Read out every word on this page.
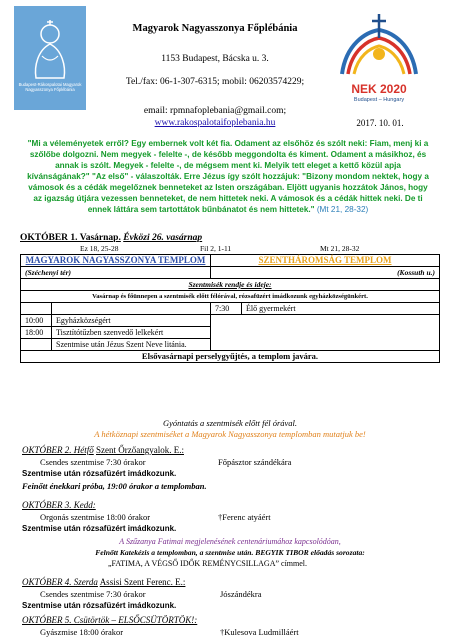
Budapest-Rákospalotai Magyarok Nagyasszonya Főplébánia	NEK 2020
Budapest – Hungary
Magyarok Nagyasszonya Főplébánia
1153 Budapest, Bácska u. 3.
Tel./fax: 06-1-307-6315; mobil: 06203574229;
email: rpmnafoplebania@gmail.com;
www.rakospalotaifoplebania.hu	2017. 10. 01.
"Mi a véleményetek erről? Egy embernek volt két fia. Odament az elsőhöz és szólt neki: Fiam, menj ki a szőlőbe dolgozni. Nem megyek - felelte -, de később meggondolta és kiment. Odament a másikhoz, és annak is szólt. Megyek - felelte -, de mégsem ment ki. Melyik tett eleget a kettő közül apja kívánságának?" "Az első" - válaszolták. Erre Jézus így szólt hozzájuk: "Bizony mondom nektek, hogy a vámosok és a cédák megelőznek benneteket az Isten országában. Eljött ugyanis hozzátok János, hogy az igazság útjára vezessen benneteket, de nem hittetek neki. A vámosok és a cédák hittek neki. De ti ennek láttára sem tartottátok bűnbánatot és nem hittetek." (Mt 21, 28-32)
OKTÓBER 1. Vasárnap. Évközi 26. vasárnap
Ez 18, 25-28	Fil 2, 1-11	Mt 21, 28-32
MAGYAROK NAGYASSZONYA TEMPLOM		SZENTHÁROMSÁG TEMPLOM	
(Széchenyi tér)		(Kossuth u.)	
Szentmisék rendje és ideje:			
Vasárnap és főünnepen a szentmisék előtt félórával, rózsafüzért imádkozunk egyházközségünkért.			
		7:30	Élő gyermekért
10:00	Egyházközségért		
18:00	Tisztítótűzben szenvedő lelkekért		
	Szentmise után Jézus Szent Neve litánia.		
Elsővasárnapi perselygyűjtés, a templom javára.			
Gyóntatás a szentmisék előtt fél órával.
A hétköznapi szentmiséket a Magyarok Nagyasszonya templomban mutatjuk be!
OKTÓBER 2. Hétfő Szent Őrzőangyalok. E.:
Csendes szentmise 7:30 órakor	Főpásztor szándékára
Szentmise után rózsafüzért imádkozunk.
Feinőtt énekkari próba, 19:00 órakor a templomban.
OKTÓBER 3. Kedd:
Orgonás szentmise 18:00 órakor	†Ferenc atyáért
Szentmise után rózsafüzért imádkozunk.
A Szűzanya Fatimai megjelenésének centenáriumához kapcsolódóan,
Felnőtt Katekézis a templomban, a szentmise után. BEGYIK TIBOR előadás sorozata:
„FATIMA, A VÉGSŐ IDŐK REMÉNYCSILLAGA” címmel.
OKTÓBER 4. Szerda Assisi Szent Ferenc. E.:
Csendes szentmise 7:30 órakor	Jószándékra
Szentmise után rózsafüzért imádkozunk.
OKTÓBER 5. Csütörtök – ELSŐCSÜTÖRTÖK!:
Gyászmise 18:00 órakor	†Kulesova Ludmilláért
